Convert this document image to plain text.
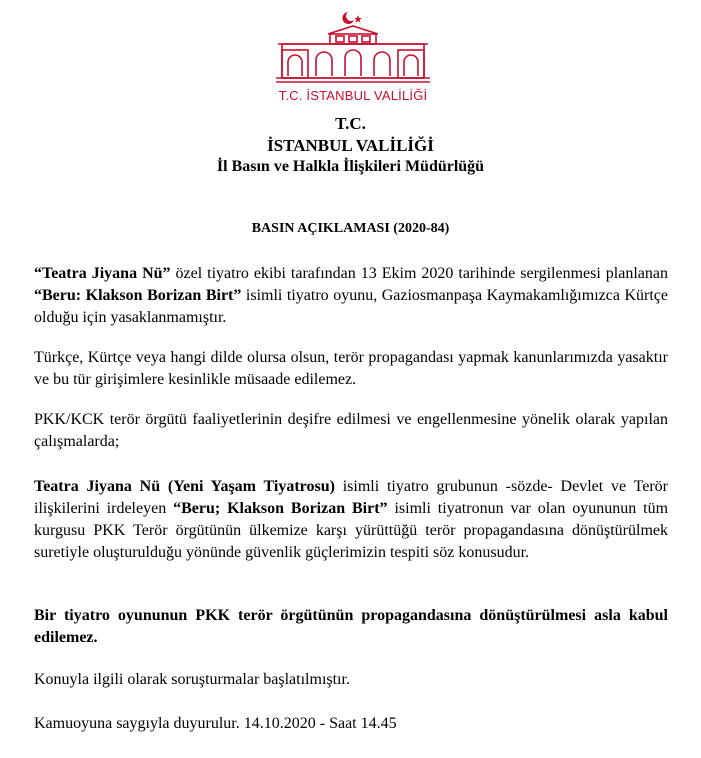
T.C. İSTANBUL VALİLİĞİ
T.C.
İSTANBUL VALİLİĞİ
İl Basın ve Halkla İlişkileri Müdürlüğü
BASIN AÇIKLAMASI (2020-84)
“Teatra Jiyana Nü” özel tiyatro ekibi tarafından 13 Ekim 2020 tarihinde sergilenmesi planlanan “Beru: Klakson Borizan Birt” isimli tiyatro oyunu, Gaziosmanpaşa Kaymakamlığımızca Kürtçe olduğu için yasaklanmamıştır.
Türkçe, Kürtçe veya hangi dilde olursa olsun, terör propagandası yapmak kanunlarımızda yasaktır ve bu tür girişimlere kesinlikle müsaade edilemez.
PKK/KCK terör örgütü faaliyetlerinin deşifre edilmesi ve engellenmesine yönelik olarak yapılan çalışmalarda;
Teatra Jiyana Nü (Yeni Yaşam Tiyatrosu) isimli tiyatro grubunun -sözde- Devlet ve Terör ilişkilerini irdeleyen “Beru; Klakson Borizan Birt” isimli tiyatronun var olan oyununun tüm kurgusu PKK Terör örgütünün ülkemize karşı yürüttüğü terör propagandasına dönüştürülmek suretiyle oluşturulduğu yönünde güvenlik güçlerimizin tespiti söz konusudur.
Bir tiyatro oyununun PKK terör örgütünün propagandasına dönüştürülmesi asla kabul edilemez.
Konuyla ilgili olarak soruşturmalar başlatılmıştır.
Kamuoyuna saygıyla duyurulur. 14.10.2020 - Saat 14.45
